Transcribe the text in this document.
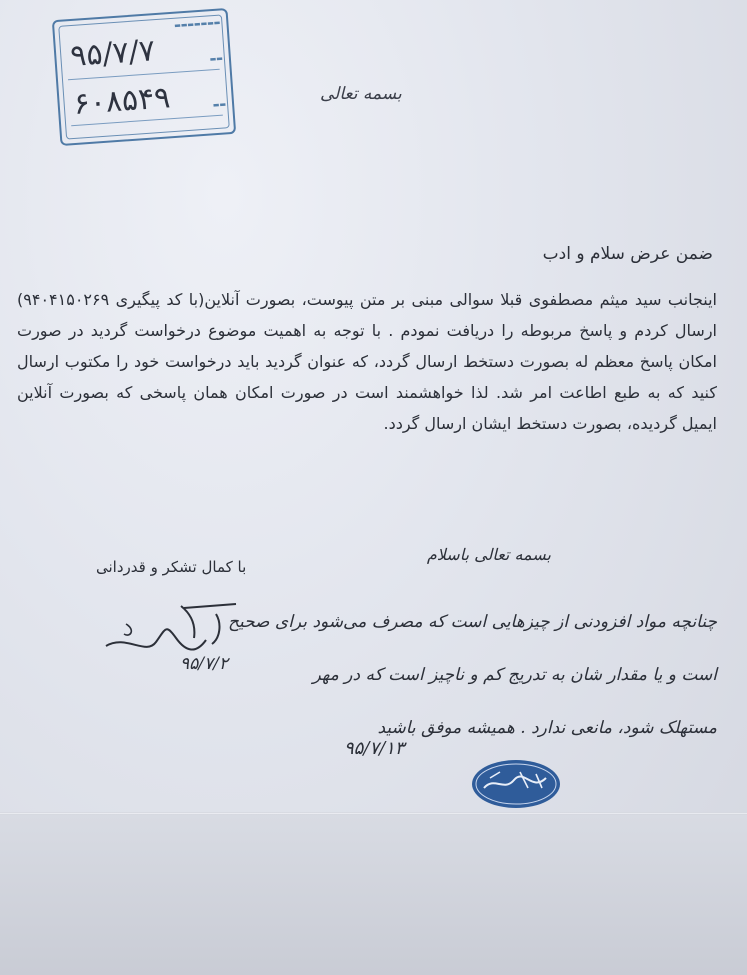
▬▬▬▬▬▬▬
▬▬
▬▬
۹۵/۷/۷
۶۰۸۵۴۹	بسمه تعالی
ضمن عرض سلام و ادب
اینجانب سید میثم مصطفوی قبلا سوالی مبنی بر متن پیوست، بصورت آنلاین(با کد پیگیری ۹۴۰۴۱۵۰۲۶۹) ارسال کردم و پاسخ مربوطه را دریافت نمودم . با توجه به اهمیت موضوع درخواست گردید در صورت امکان پاسخ معظم له بصورت دستخط ارسال گردد، که عنوان گردید باید درخواست خود را مکتوب ارسال کنید که به طبع اطاعت امر شد. لذا خواهشمند است در صورت امکان همان پاسخی که بصورت آنلاین ایمیل گردیده، بصورت دستخط ایشان ارسال گردد.
با کمال تشکر و قدردانی
۹۵/۷/۲
بسمه تعالی باسلام
چنانچه مواد افزودنی از چیزهایی است که مصرف می‌شود برای صحیح
است و یا مقدار شان به تدریج کم و ناچیز است که در مهر
مستهلک شود، مانعی ندارد . همیشه موفق باشید
۹۵/۷/۱۳
